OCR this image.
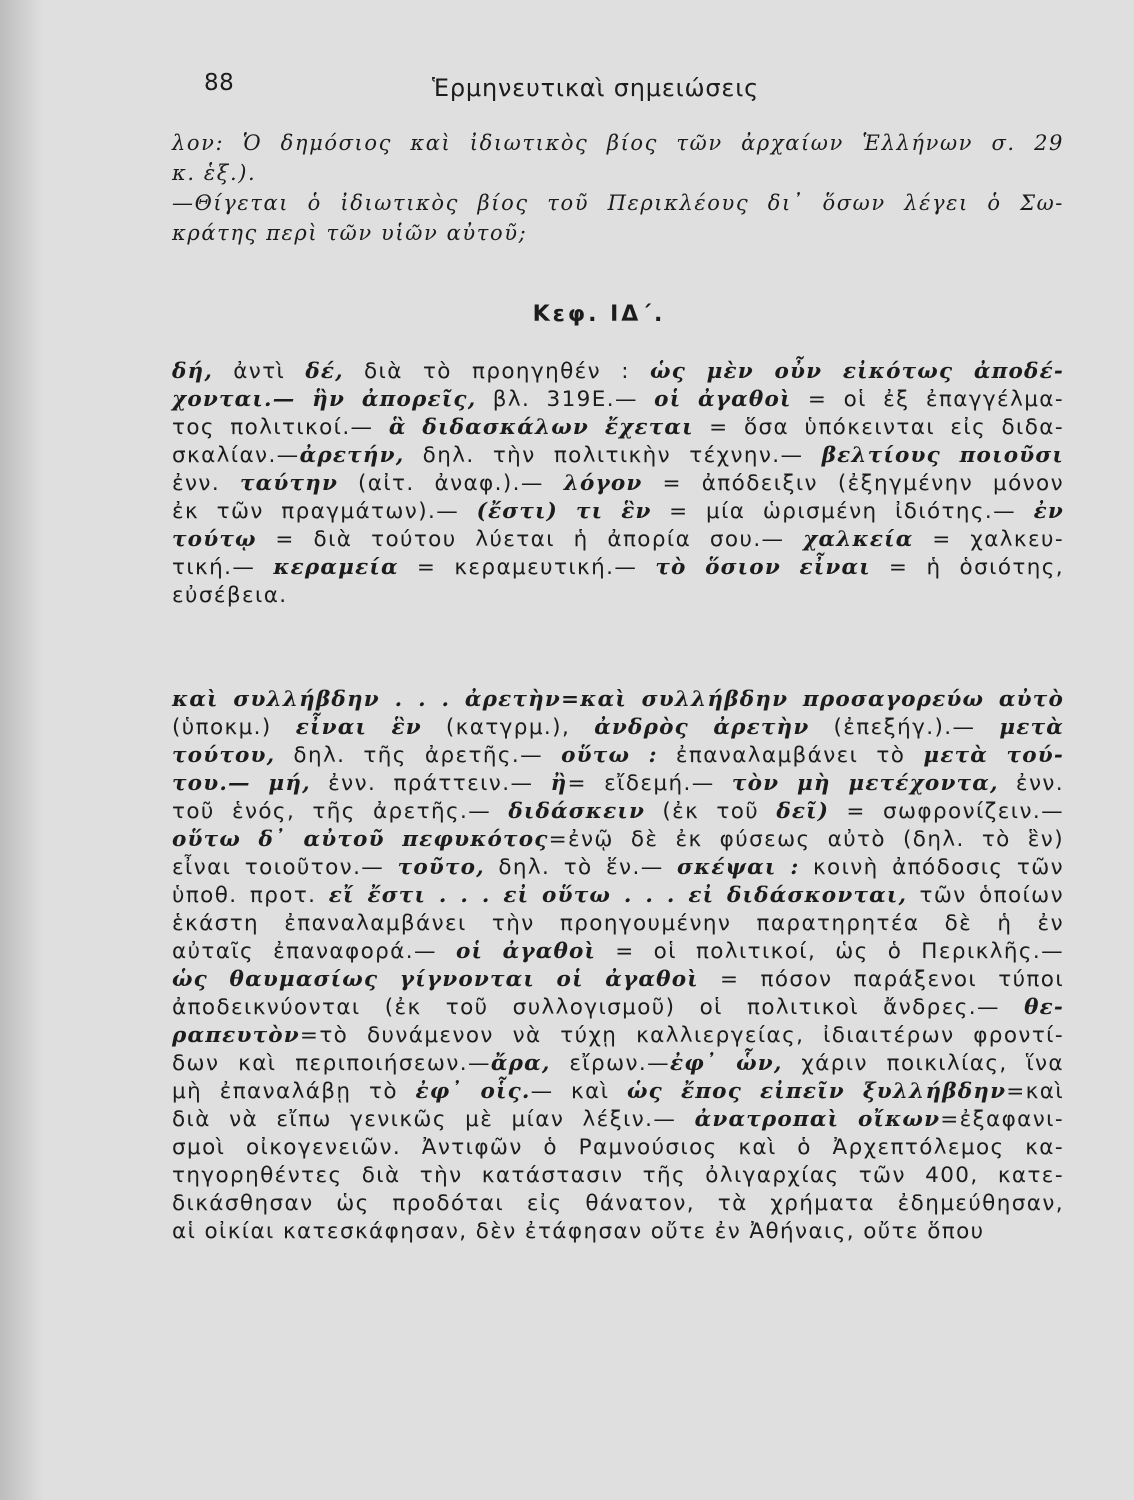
88	Ἑρμηνευτικαὶ σημειώσεις
λον: Ὁ δημόσιος καὶ ἰδιωτικὸς βίος τῶν ἀρχαίων Ἑλλήνων σ. 29
κ. ἑξ.).
—Θίγεται ὁ ἰδιωτικὸς βίος τοῦ Περικλέους δι᾽ ὅσων λέγει ὁ Σω-
κράτης περὶ τῶν υἱῶν αὐτοῦ;
Κεφ. ΙΔ΄.
δή, ἀντὶ δέ, διὰ τὸ προηγηθέν : ὡς μὲν οὖν εἰκότως ἀποδέ-
χονται.— ἣν ἀπορεῖς, βλ. 319Ε.— οἱ ἀγαθοὶ = οἱ ἐξ ἐπαγγέλμα-
τος πολιτικοί.— ἃ διδασκάλων ἔχεται = ὅσα ὑπόκεινται εἰς διδα-
σκαλίαν.—ἀρετήν, δηλ. τὴν πολιτικὴν τέχνην.— βελτίους ποιοῦσι
ἐνν. ταύτην (αἰτ. ἀναφ.).— λόγον = ἀπόδειξιν (ἐξηγμένην μόνον
ἐκ τῶν πραγμάτων).— (ἔστι) τι ἓν = μία ὡρισμένη ἰδιότης.— ἐν
τούτῳ = διὰ τούτου λύεται ἡ ἀπορία σου.— χαλκεία = χαλκευ-
τική.— κεραμεία = κεραμευτική.— τὸ ὅσιον εἶναι = ἡ ὁσιότης,
εὐσέβεια.
καὶ συλλήβδην . . . ἀρετὴν=καὶ συλλήβδην προσαγορεύω αὐτὸ
(ὑποκμ.) εἶναι ἓν (κατγρμ.), ἀνδρὸς ἀρετὴν (ἐπεξήγ.).— μετὰ
τούτου, δηλ. τῆς ἀρετῆς.— οὕτω : ἐπαναλαμβάνει τὸ μετὰ τού-
του.— μή, ἐνν. πράττειν.— ἢ= εἴδεμή.— τὸν μὴ μετέχοντα, ἐνν.
τοῦ ἑνός, τῆς ἀρετῆς.— διδάσκειν (ἐκ τοῦ δεῖ) = σωφρονίζειν.—
οὕτω δ᾽ αὐτοῦ πεφυκότος=ἐνῷ δὲ ἐκ φύσεως αὐτὸ (δηλ. τὸ ἓν)
εἶναι τοιοῦτον.— τοῦτο, δηλ. τὸ ἕν.— σκέψαι : κοινὴ ἀπόδοσις τῶν
ὑποθ. προτ. εἴ ἔστι . . . εἰ οὕτω . . . εἰ διδάσκονται, τῶν ὁποίων
ἑκάστη ἐπαναλαμβάνει τὴν προηγουμένην παρατηρητέα δὲ ἡ ἐν
αὐταῖς ἐπαναφορά.— οἱ ἀγαθοὶ = οἱ πολιτικοί, ὡς ὁ Περικλῆς.—
ὡς θαυμασίως γίγνονται οἱ ἀγαθοὶ = πόσον παράξενοι τύποι
ἀποδεικνύονται (ἐκ τοῦ συλλογισμοῦ) οἱ πολιτικοὶ ἄνδρες.— θε-
ραπευτὸν=τὸ δυνάμενον νὰ τύχῃ καλλιεργείας, ἰδιαιτέρων φροντί-
δων καὶ περιποιήσεων.—ἄρα, εἴρων.—ἐφ᾽ ὧν, χάριν ποικιλίας, ἵνα
μὴ ἐπαναλάβῃ τὸ ἐφ᾽ οἷς.— καὶ ὡς ἔπος εἰπεῖν ξυλλήβδην=καὶ
διὰ νὰ εἴπω γενικῶς μὲ μίαν λέξιν.— ἀνατροπαὶ οἴκων=ἐξαφανι-
σμοὶ οἰκογενειῶν. Ἀντιφῶν ὁ Ραμνούσιος καὶ ὁ Ἀρχεπτόλεμος κα-
τηγορηθέντες διὰ τὴν κατάστασιν τῆς ὀλιγαρχίας τῶν 400, κατε-
δικάσθησαν ὡς προδόται εἰς θάνατον, τὰ χρήματα ἐδημεύθησαν,
αἱ οἰκίαι κατεσκάφησαν, δὲν ἐτάφησαν οὔτε ἐν Ἀθήναις, οὔτε ὅπου
